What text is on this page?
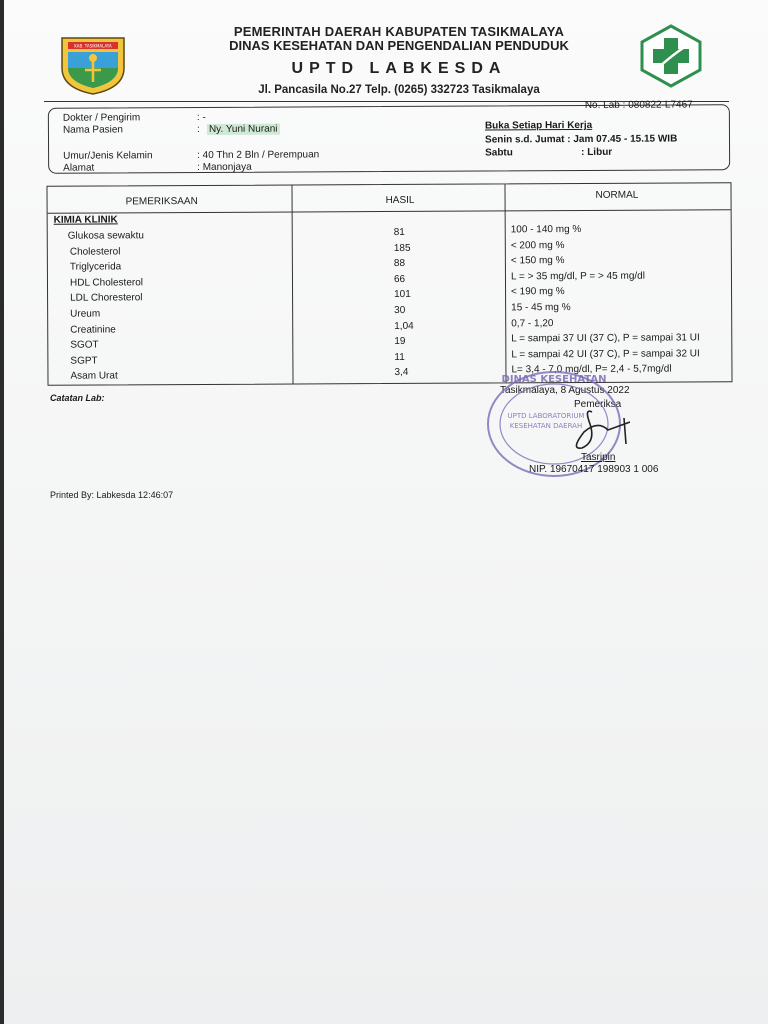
KAB. TASIKMALAYA
PEMERINTAH DAERAH KABUPATEN TASIKMALAYA
DINAS KESEHATAN DAN PENGENDALIAN PENDUDUK
UPTD LABKESDA
Jl. Pancasila No.27 Telp. (0265) 332723 Tasikmalaya
No. Lab : 080822-L7467
Dokter / Pengirim	: -
Nama Pasien	: Ny. Yuni Nurani
Umur/Jenis Kelamin	: 40 Thn 2 Bln / Perempuan
Alamat	: Manonjaya
Buka Setiap Hari Kerja
Senin s.d. Jumat : Jam 07.45 - 15.15 WIB
Sabtu	: Libur
PEMERIKSAAN	HASIL	NORMAL
KIMIA KLINIK
Glukosa sewaktu	81	100 - 140 mg %
Cholesterol	185	< 200 mg %
Triglycerida	88	< 150 mg %
HDL Cholesterol	66	L = > 35 mg/dl, P = > 45 mg/dl
LDL Choresterol	101	< 190 mg %
Ureum	30	15 - 45 mg %
Creatinine	1,04	0,7 - 1,20
SGOT	19	L = sampai 37 UI (37 C), P = sampai 31 UI
SGPT	11	L = sampai 42 UI (37 C), P = sampai 32 UI
Asam Urat	3,4	L= 3,4 - 7,0 mg/dl, P= 2,4 - 5,7mg/dl
Catatan Lab:
Tasikmalaya, 8 Agustus 2022
Pemeriksa
DINAS KESEHATAN
UPTD LABORATORIUM
KESEHATAN DAERAH
Tasripin
NIP. 19670417 198903 1 006
Printed By: Labkesda 12:46:07
